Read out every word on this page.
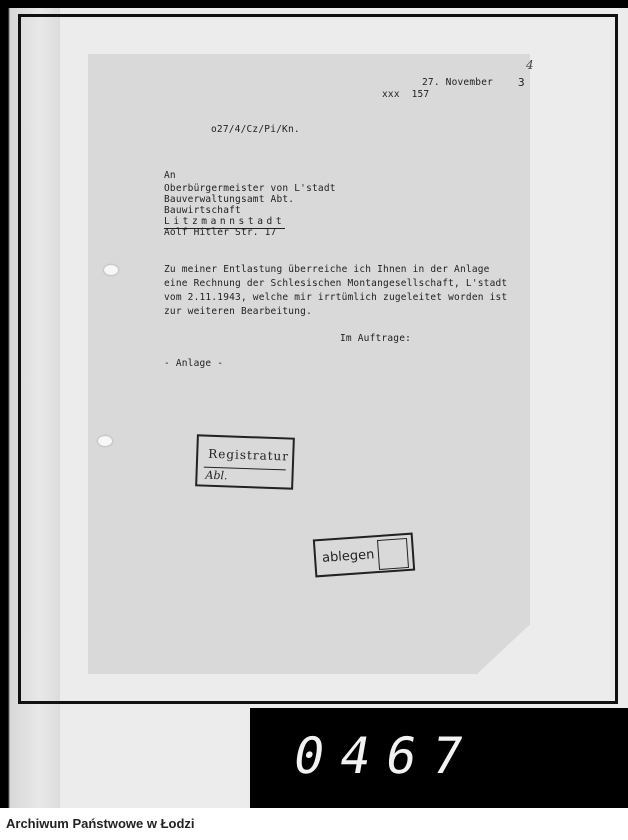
27. November 3
4
xxx  157
o27/4/Cz/Pi/Kn.
An
Oberbürgermeister von L'stadt
Bauverwaltungsamt Abt.
Bauwirtschaft
Litzmannstadt
Aolf Hitler Str. 17
Zu meiner Entlastung überreiche ich Ihnen in der Anlage
eine Rechnung der Schlesischen Montangesellschaft, L'stadt
vom 2.11.1943, welche mir irrtümlich zugeleitet worden ist
zur weiteren Bearbeitung.
Im Auftrage:
- Anlage -
Registratur
Abl.
ablegen
0467
Archiwum Państwowe w Łodzi
